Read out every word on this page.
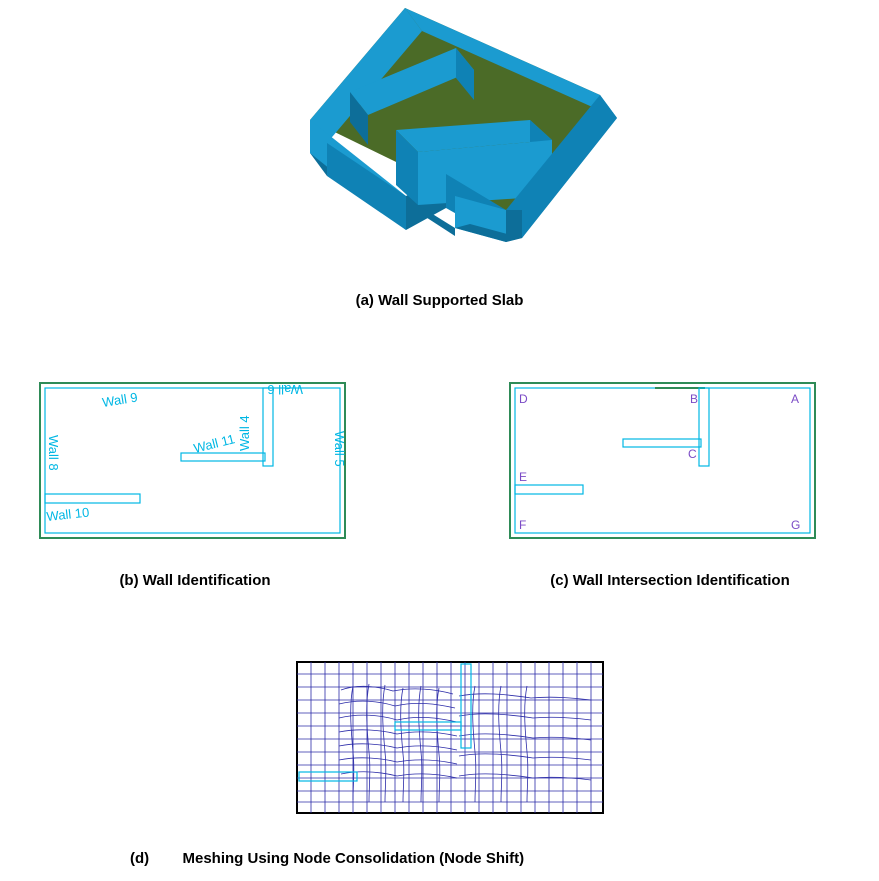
(a) Wall Supported Slab
Wall 9
Wall 6
Wall 11 Wall 4
Wall 8	Wall 5
Wall 10
(b) Wall Identification
D	B	A
C
E
F	G
(c) Wall Intersection Identification
(d)        Meshing Using Node Consolidation (Node Shift)
